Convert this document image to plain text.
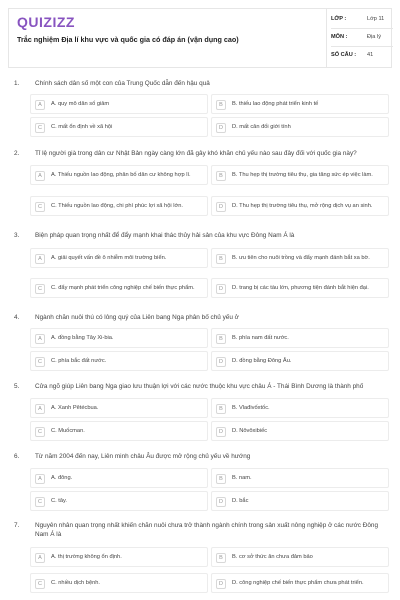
QUIZIZZ
Trắc nghiệm Địa lí khu vực và quốc gia có đáp án (vận dụng cao)
LỚP :	Lớp 11
MÔN :	Địa lý
SỐ CÂU : 41
1. Chính sách dân số một con của Trung Quốc dẫn đến hậu quả
A	A. quy mô dân số giảm	B	B. thiếu lao động phát triển kinh tế
C	C. mất ổn định về xã hội	D	D. mất cân đối giới tính
2. Tỉ lệ người già trong dân cư Nhật Bản ngày càng lớn đã gây khó khăn chủ yếu nào sau đây đối với quốc gia này?
A	A. Thiếu nguồn lao động, phân bố dân cư không hợp lí.	B	B. Thu hẹp thị trường tiêu thụ, gia tăng sức ép việc làm.
C	C. Thiếu nguồn lao động, chi phí phúc lợi xã hội lớn.	D	D. Thu hẹp thị trường tiêu thụ, mở rộng dịch vụ an sinh.
3. Biện pháp quan trọng nhất để đẩy mạnh khai thác thủy hải sản của khu vực Đông Nam Á là
A	A. giải quyết vấn đề ô nhiễm môi trường biển.	B	B. ưu tiên cho nuôi trồng và đẩy mạnh đánh bắt xa bờ.
C	C. đẩy mạnh phát triển công nghiệp chế biến thực phẩm.	D	D. trang bị các tàu lớn, phương tiện đánh bắt hiện đại.
4. Ngành chăn nuôi thú có lông quý của Liên bang Nga phân bố chủ yếu ở
A	A. đồng bằng Tây Xi-bia.	B	B. phía nam đất nước.
C	C. phía bắc đất nước.	D	D. đồng bằng Đông Âu.
5. Cửa ngõ giúp Liên bang Nga giao lưu thuận lợi với các nước thuộc khu vực châu Á - Thái Bình Dương là thành phố
A	A. Xanh Pêtécbua.	B	B. Vlađivốxtốc.
C	C. Muốcman.	D	D. Nôvôxibiếc
6. Từ năm 2004 đến nay, Liên minh châu Âu được mở rộng chủ yếu về hướng
A	A. đông.	B	B. nam.
C	C. tây.	D	D. bắc
7. Nguyên nhân quan trọng nhất khiến chăn nuôi chưa trở thành ngành chính trong sản xuất nông nghiệp ở các nước Đông Nam Á là
A	A. thị trường không ổn định.	B	B. cơ sở thức ăn chưa đảm bảo
C	C. nhiều dịch bệnh.	D	D. công nghiệp chế biến thực phẩm chưa phát triển.
